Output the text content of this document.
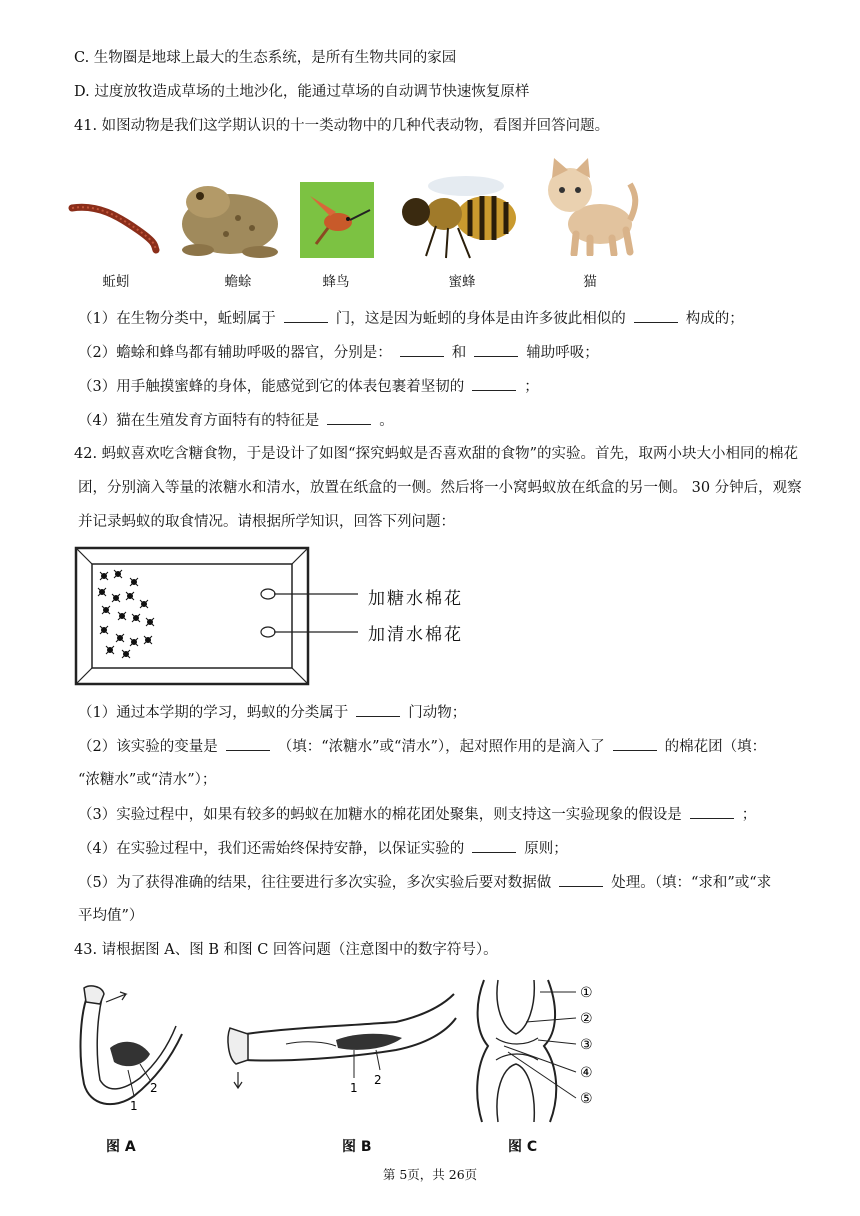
C. 生物圈是地球上最大的生态系统，是所有生物共同的家园
D. 过度放牧造成草场的土地沙化，能通过草场的自动调节快速恢复原样
41. 如图动物是我们这学期认识的十一类动物中的几种代表动物，看图并回答问题。
蚯蚓	蟾蜍	蜂鸟	蜜蜂	猫
（1）在生物分类中，蚯蚓属于	门，这是因为蚯蚓的身体是由许多彼此相似的	构成的；
（2）蟾蜍和蜂鸟都有辅助呼吸的器官，分别是：	和	辅助呼吸；
（3）用手触摸蜜蜂的身体，能感觉到它的体表包裹着坚韧的	；
（4）猫在生殖发育方面特有的特征是	。
42. 蚂蚁喜欢吃含糖食物，于是设计了如图“探究蚂蚁是否喜欢甜的食物”的实验。首先，取两小块大小相同的棉花
团，分别滴入等量的浓糖水和清水，放置在纸盒的一侧。然后将一小窝蚂蚁放在纸盒的另一侧。 30 分钟后，观察
并记录蚂蚁的取食情况。请根据所学知识，回答下列问题：
加糖水棉花
加清水棉花
（1）通过本学期的学习，蚂蚁的分类属于	门动物；
（2）该实验的变量是	（填：“浓糖水”或“清水”），起对照作用的是滴入了	的棉花团（填：
“浓糖水”或“清水”）；
（3）实验过程中，如果有较多的蚂蚁在加糖水的棉花团处聚集，则支持这一实验现象的假设是	；
（4）在实验过程中，我们还需始终保持安静，以保证实验的	原则；
（5）为了获得准确的结果，往往要进行多次实验，多次实验后要对数据做	处理。（填：“求和”或“求
平均值”）
43. 请根据图 A、图 B 和图 C 回答问题（注意图中的数字符号）。
1
2	1
2
①
②
③
④
⑤
图 A	图 B	图 C
第 5页，共 26页
